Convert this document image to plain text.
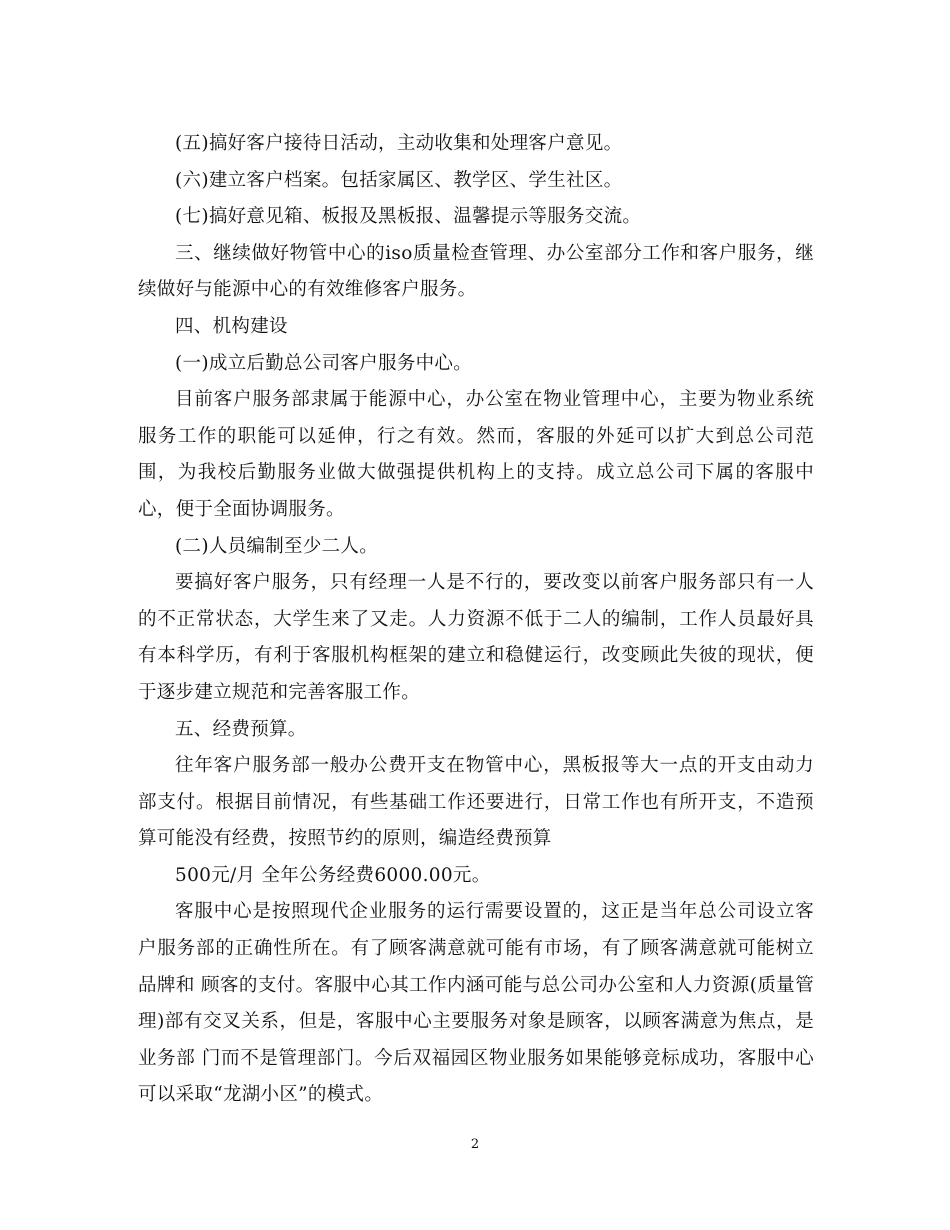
(五)搞好客户接待日活动，主动收集和处理客户意见。

(六)建立客户档案。包括家属区、教学区、学生社区。

(七)搞好意见箱、板报及黑板报、温馨提示等服务交流。

三、继续做好物管中心的iso质量检查管理、办公室部分工作和客户服务，继续做好与能源中心的有效维修客户服务。

四、机构建设

(一)成立后勤总公司客户服务中心。

目前客户服务部隶属于能源中心，办公室在物业管理中心，主要为物业系统服务工作的职能可以延伸，行之有效。然而，客服的外延可以扩大到总公司范围，为我校后勤服务业做大做强提供机构上的支持。成立总公司下属的客服中心，便于全面协调服务。

(二)人员编制至少二人。

要搞好客户服务，只有经理一人是不行的，要改变以前客户服务部只有一人的不正常状态，大学生来了又走。人力资源不低于二人的编制，工作人员最好具有本科学历，有利于客服机构框架的建立和稳健运行，改变顾此失彼的现状，便于逐步建立规范和完善客服工作。

五、经费预算。

往年客户服务部一般办公费开支在物管中心，黑板报等大一点的开支由动力部支付。根据目前情况，有些基础工作还要进行，日常工作也有所开支，不造预算可能没有经费，按照节约的原则，编造经费预算

500元/月 全年公务经费6000.00元。

客服中心是按照现代企业服务的运行需要设置的，这正是当年总公司设立客户服务部的正确性所在。有了顾客满意就可能有市场，有了顾客满意就可能树立品牌和 顾客的支付。客服中心其工作内涵可能与总公司办公室和人力资源(质量管理)部有交叉关系，但是，客服中心主要服务对象是顾客，以顾客满意为焦点，是业务部 门而不是管理部门。今后双福园区物业服务如果能够竞标成功，客服中心可以采取“龙湖小区”的模式。

2
